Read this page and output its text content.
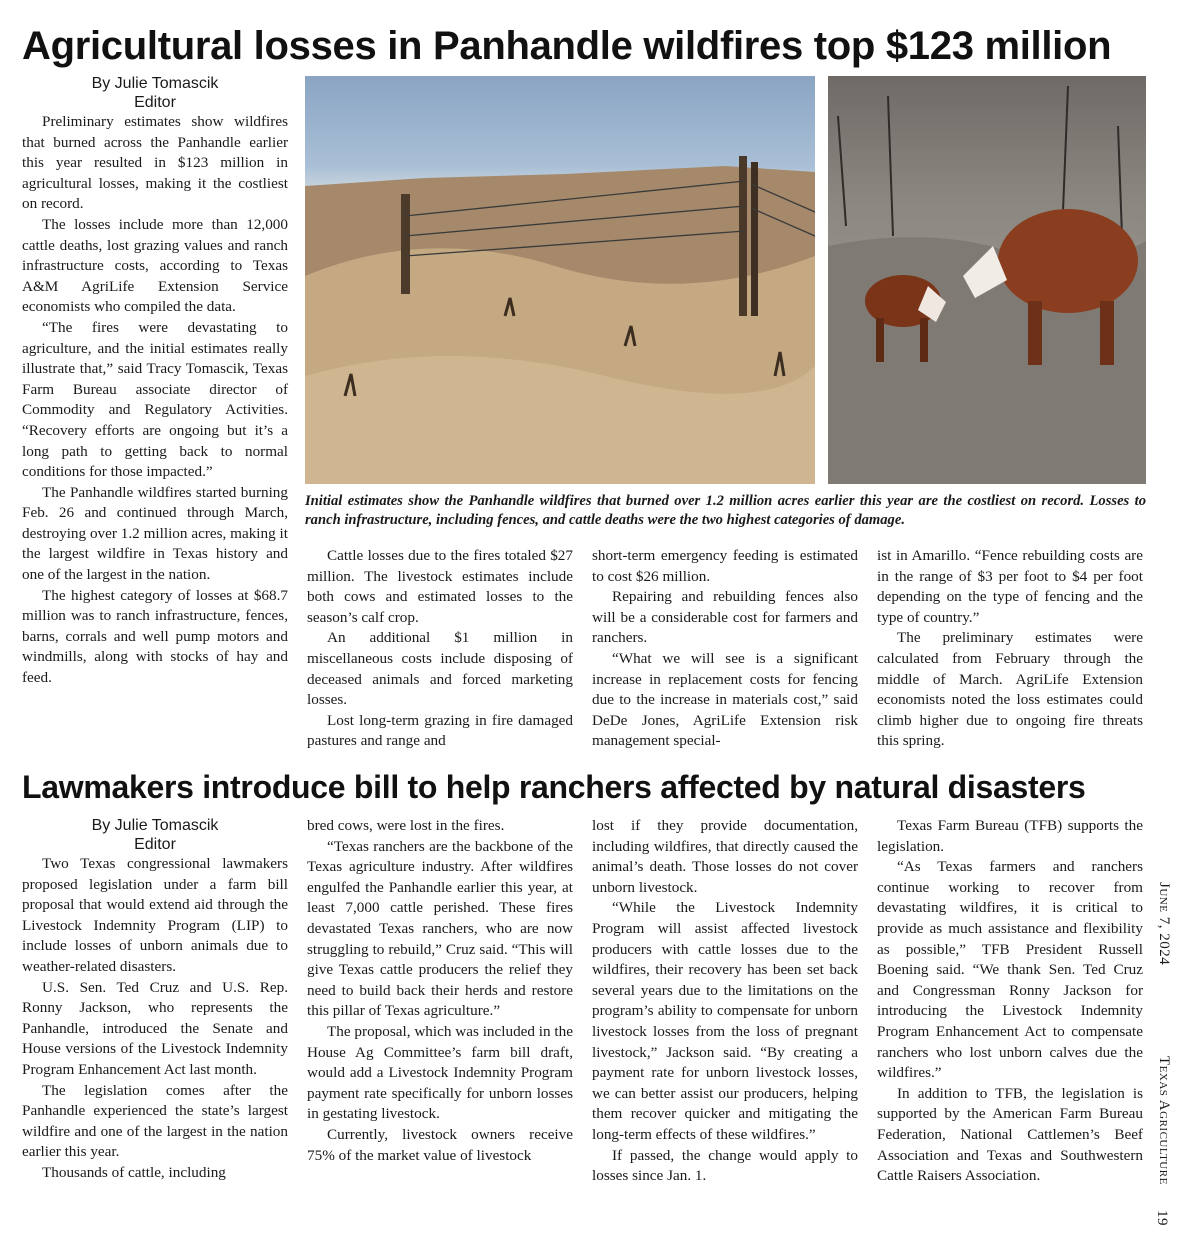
Agricultural losses in Panhandle wildfires top $123 million
By Julie Tomascik
Editor

Preliminary estimates show wildfires that burned across the Panhandle earlier this year resulted in $123 million in agricultural losses, making it the costliest on record.

The losses include more than 12,000 cattle deaths, lost grazing values and ranch infrastructure costs, according to Texas A&M AgriLife Extension Service economists who compiled the data.

“The fires were devastating to agriculture, and the initial estimates really illustrate that,” said Tracy Tomascik, Texas Farm Bureau associate director of Commodity and Regulatory Activities. “Recovery efforts are ongoing but it’s a long path to getting back to normal conditions for those impacted.”

The Panhandle wildfires started burning Feb. 26 and continued through March, destroying over 1.2 million acres, making it the largest wildfire in Texas history and one of the largest in the nation.

The highest category of losses at $68.7 million was to ranch infrastructure, fences, barns, corrals and well pump motors and windmills, along with stocks of hay and feed.

Initial estimates show the Panhandle wildfires that burned over 1.2 million acres earlier this year are the costliest on record. Losses to ranch infrastructure, including fences, and cattle deaths were the two highest categories of damage.

Cattle losses due to the fires totaled $27 million. The livestock estimates include both cows and estimated losses to the season’s calf crop.

An additional $1 million in miscellaneous costs include disposing of deceased animals and forced marketing losses.

Lost long-term grazing in fire damaged pastures and range and

short-term emergency feeding is estimated to cost $26 million.

Repairing and rebuilding fences also will be a considerable cost for farmers and ranchers.

“What we will see is a significant increase in replacement costs for fencing due to the increase in materials cost,” said DeDe Jones, AgriLife Extension risk management special-

ist in Amarillo. “Fence rebuilding costs are in the range of $3 per foot to $4 per foot depending on the type of fencing and the type of country.”

The preliminary estimates were calculated from February through the middle of March. AgriLife Extension economists noted the loss estimates could climb higher due to ongoing fire threats this spring.

Lawmakers introduce bill to help ranchers affected by natural disasters
By Julie Tomascik
Editor

Two Texas congressional lawmakers proposed legislation under a farm bill proposal that would extend aid through the Livestock Indemnity Program (LIP) to include losses of unborn animals due to weather-related disasters.

U.S. Sen. Ted Cruz and U.S. Rep. Ronny Jackson, who represents the Panhandle, introduced the Senate and House versions of the Livestock Indemnity Program Enhancement Act last month.

The legislation comes after the Panhandle experienced the state’s largest wildfire and one of the largest in the nation earlier this year.

Thousands of cattle, including

bred cows, were lost in the fires.

“Texas ranchers are the backbone of the Texas agriculture industry. After wildfires engulfed the Panhandle earlier this year, at least 7,000 cattle perished. These fires devastated Texas ranchers, who are now struggling to rebuild,” Cruz said. “This will give Texas cattle producers the relief they need to build back their herds and restore this pillar of Texas agriculture.”

The proposal, which was included in the House Ag Committee’s farm bill draft, would add a Livestock Indemnity Program payment rate specifically for unborn losses in gestating livestock.

Currently, livestock owners receive 75% of the market value of livestock

lost if they provide documentation, including wildfires, that directly caused the animal’s death. Those losses do not cover unborn livestock.

“While the Livestock Indemnity Program will assist affected livestock producers with cattle losses due to the wildfires, their recovery has been set back several years due to the limitations on the program’s ability to compensate for unborn livestock losses from the loss of pregnant livestock,” Jackson said. “By creating a payment rate for unborn livestock losses, we can better assist our producers, helping them recover quicker and mitigating the long-term effects of these wildfires.”

If passed, the change would apply to losses since Jan. 1.

Texas Farm Bureau (TFB) supports the legislation.

“As Texas farmers and ranchers continue working to recover from devastating wildfires, it is critical to provide as much assistance and flexibility as possible,” TFB President Russell Boening said. “We thank Sen. Ted Cruz and Congressman Ronny Jackson for introducing the Livestock Indemnity Program Enhancement Act to compensate ranchers who lost unborn calves due the wildfires.”

In addition to TFB, the legislation is supported by the American Farm Bureau Federation, National Cattlemen’s Beef Association and Texas and Southwestern Cattle Raisers Association.

June 7, 2024
Texas Agriculture
19
